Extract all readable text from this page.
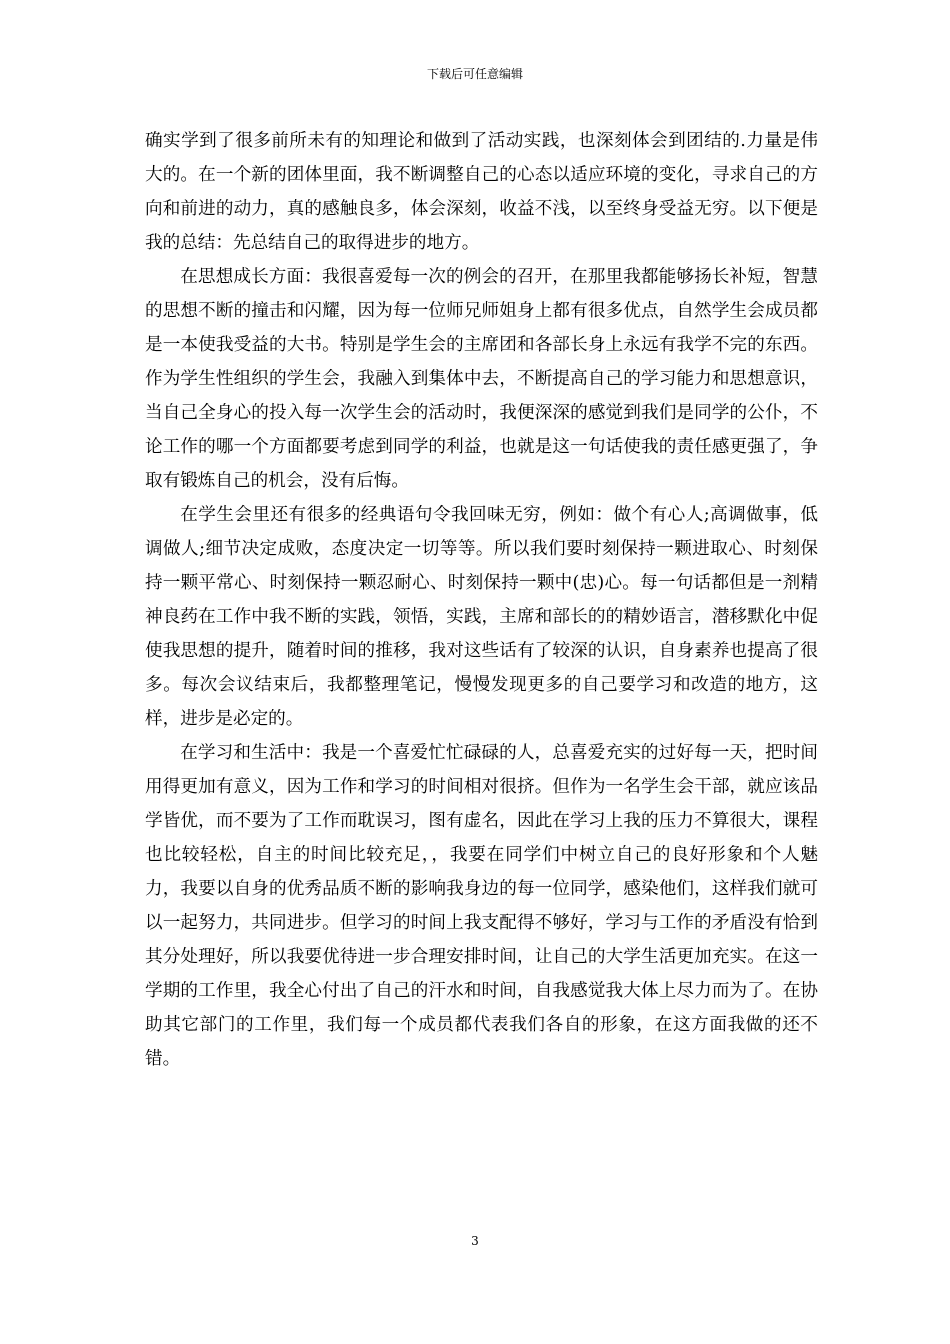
下载后可任意编辑

确实学到了很多前所未有的知理论和做到了活动实践，也深刻体会到团结的.力量是伟大的。在一个新的团体里面，我不断调整自己的心态以适应环境的变化，寻求自己的方向和前进的动力，真的感触良多，体会深刻，收益不浅，以至终身受益无穷。以下便是我的总结：先总结自己的取得进步的地方。

在思想成长方面：我很喜爱每一次的例会的召开，在那里我都能够扬长补短，智慧的思想不断的撞击和闪耀，因为每一位师兄师姐身上都有很多优点，自然学生会成员都是一本使我受益的大书。特别是学生会的主席团和各部长身上永远有我学不完的东西。作为学生性组织的学生会，我融入到集体中去，不断提高自己的学习能力和思想意识，当自己全身心的投入每一次学生会的活动时，我便深深的感觉到我们是同学的公仆，不论工作的哪一个方面都要考虑到同学的利益，也就是这一句话使我的责任感更强了，争取有锻炼自己的机会，没有后悔。

在学生会里还有很多的经典语句令我回味无穷，例如：做个有心人;高调做事，低调做人;细节决定成败，态度决定一切等等。所以我们要时刻保持一颗进取心、时刻保持一颗平常心、时刻保持一颗忍耐心、时刻保持一颗中(忠)心。每一句话都但是一剂精神良药在工作中我不断的实践，领悟，实践，主席和部长的的精妙语言，潜移默化中促使我思想的提升，随着时间的推移，我对这些话有了较深的认识，自身素养也提高了很多。每次会议结束后，我都整理笔记，慢慢发现更多的自己要学习和改造的地方，这样，进步是必定的。

在学习和生活中：我是一个喜爱忙忙碌碌的人，总喜爱充实的过好每一天，把时间用得更加有意义，因为工作和学习的时间相对很挤。但作为一名学生会干部，就应该品学皆优，而不要为了工作而耽误习，图有虚名，因此在学习上我的压力不算很大，课程也比较轻松，自主的时间比较充足，，我要在同学们中树立自己的良好形象和个人魅力，我要以自身的优秀品质不断的影响我身边的每一位同学，感染他们，这样我们就可以一起努力，共同进步。但学习的时间上我支配得不够好，学习与工作的矛盾没有恰到其分处理好，所以我要优待进一步合理安排时间，让自己的大学生活更加充实。在这一学期的工作里，我全心付出了自己的汗水和时间，自我感觉我大体上尽力而为了。在协助其它部门的工作里，我们每一个成员都代表我们各自的形象，在这方面我做的还不错。

3
